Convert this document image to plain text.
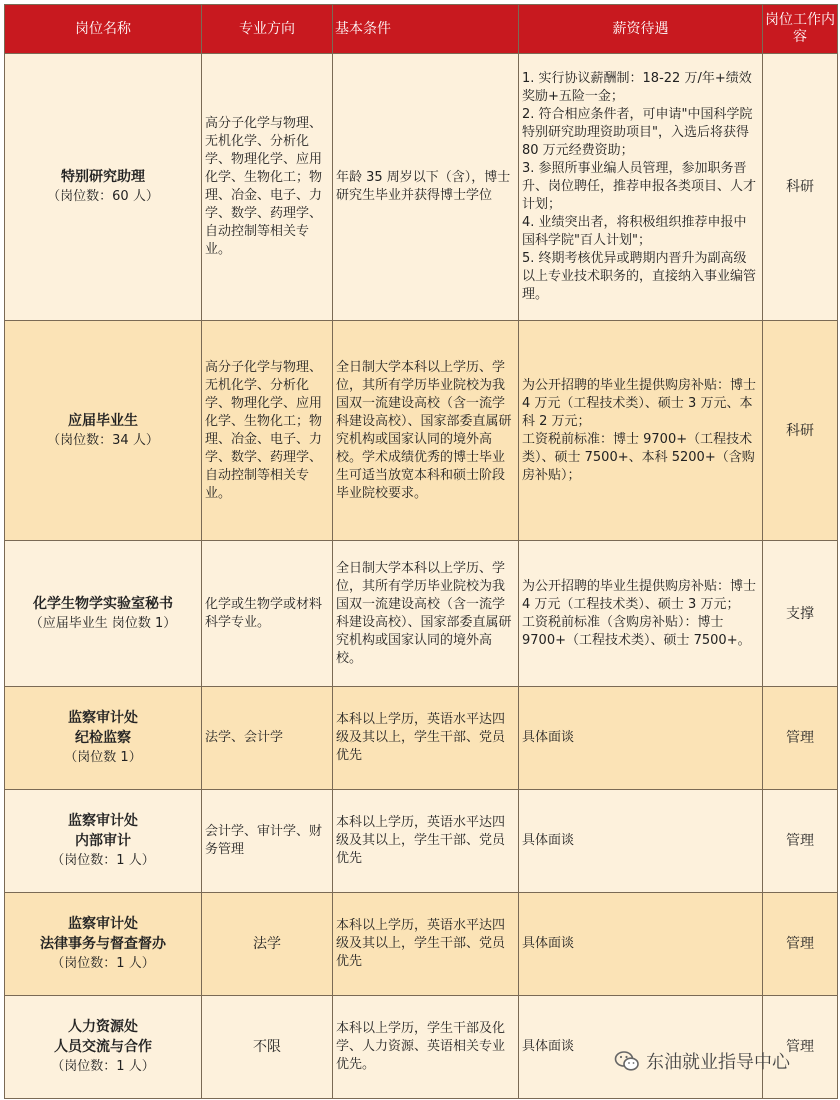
岗位名称	专业方向	基本条件	薪资待遇	岗位工作内容

特别研究助理
（岗位数：60 人）	高分子化学与物理、无机化学、分析化学、物理化学、应用化学、生物化工；物理、冶金、电子、力学、数学、药理学、自动控制等相关专业。	年龄 35 周岁以下（含），博士研究生毕业并获得博士学位	1. 实行协议薪酬制：18-22 万/年+绩效奖励+五险一金；
2. 符合相应条件者，可申请"中国科学院特别研究助理资助项目"，入选后将获得 80 万元经费资助；
3. 参照所事业编人员管理，参加职务晋升、岗位聘任，推荐申报各类项目、人才计划；
4. 业绩突出者，将积极组织推荐申报中国科学院"百人计划"；
5. 终期考核优异或聘期内晋升为副高级以上专业技术职务的，直接纳入事业编管理。	科研

应届毕业生
（岗位数：34 人）	高分子化学与物理、无机化学、分析化学、物理化学、应用化学、生物化工；物理、冶金、电子、力学、数学、药理学、自动控制等相关专业。	全日制大学本科以上学历、学位，其所有学历毕业院校为我国双一流建设高校（含一流学科建设高校）、国家部委直属研究机构或国家认同的境外高校。学术成绩优秀的博士毕业生可适当放宽本科和硕士阶段毕业院校要求。	为公开招聘的毕业生提供购房补贴：博士 4 万元（工程技术类）、硕士 3 万元、本科 2 万元；
工资税前标准：博士 9700+（工程技术类）、硕士 7500+、本科 5200+（含购房补贴）；	科研

化学生物学实验室秘书
（应届毕业生 岗位数 1）	化学或生物学或材料科学专业。	全日制大学本科以上学历、学位，其所有学历毕业院校为我国双一流建设高校（含一流学科建设高校）、国家部委直属研究机构或国家认同的境外高校。	为公开招聘的毕业生提供购房补贴：博士 4 万元（工程技术类）、硕士 3 万元；
工资税前标准（含购房补贴）：博士 9700+（工程技术类）、硕士 7500+。	支撑

监察审计处
纪检监察
（岗位数 1）	法学、会计学	本科以上学历，英语水平达四级及其以上，学生干部、党员优先	具体面谈	管理

监察审计处
内部审计
（岗位数：1 人）	会计学、审计学、财务管理	本科以上学历，英语水平达四级及其以上，学生干部、党员优先	具体面谈	管理

监察审计处
法律事务与督查督办
（岗位数：1 人）	法学	本科以上学历，英语水平达四级及其以上，学生干部、党员优先	具体面谈	管理

人力资源处
人员交流与合作
（岗位数：1 人）	不限	本科以上学历，学生干部及化学、人力资源、英语相关专业优先。	具体面谈	管理
东油就业指导中心
